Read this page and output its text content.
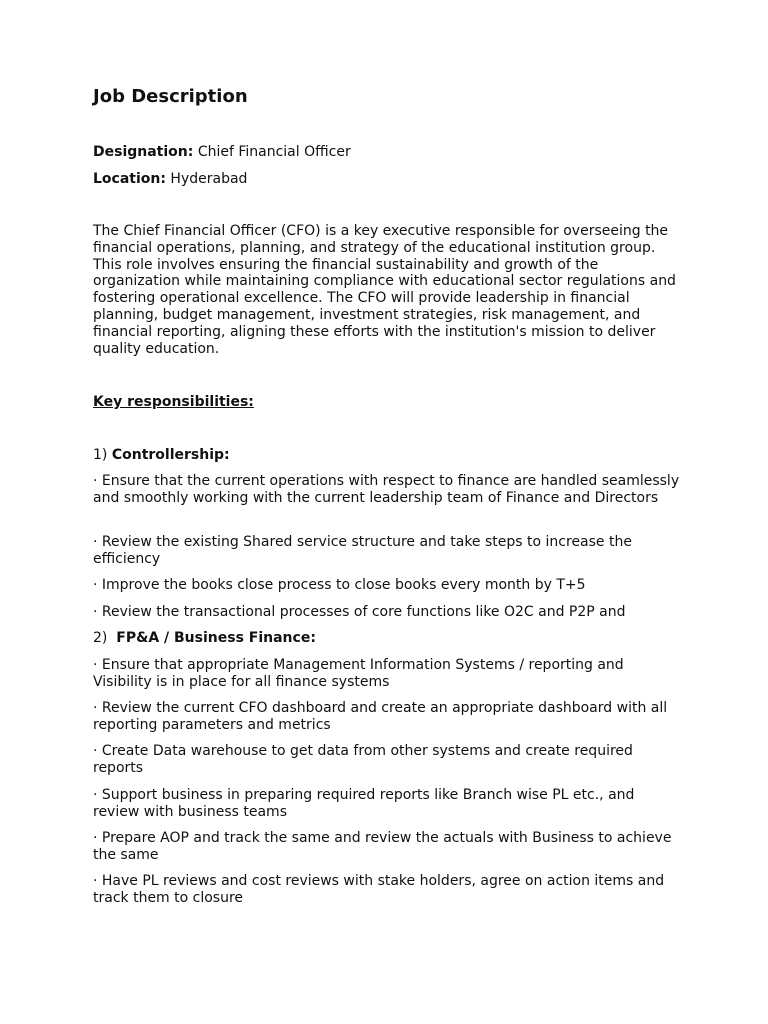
Job Description
Designation: Chief Financial Officer
Location: Hyderabad
The Chief Financial Officer (CFO) is a key executive responsible for overseeing the financial operations, planning, and strategy of the educational institution group. This role involves ensuring the financial sustainability and growth of the organization while maintaining compliance with educational sector regulations and fostering operational excellence. The CFO will provide leadership in financial planning, budget management, investment strategies, risk management, and financial reporting, aligning these efforts with the institution's mission to deliver quality education.
Key responsibilities:
1) Controllership:
· Ensure that the current operations with respect to finance are handled seamlessly and smoothly working with the current leadership team of Finance and Directors
· Review the existing Shared service structure and take steps to increase the efficiency
· Improve the books close process to close books every month by T+5
· Review the transactional processes of core functions like O2C and P2P and
2) FP&A / Business Finance:
· Ensure that appropriate Management Information Systems / reporting and Visibility is in place for all finance systems
· Review the current CFO dashboard and create an appropriate dashboard with all reporting parameters and metrics
· Create Data warehouse to get data from other systems and create required reports
· Support business in preparing required reports like Branch wise PL etc., and review with business teams
· Prepare AOP and track the same and review the actuals with Business to achieve the same
· Have PL reviews and cost reviews with stake holders, agree on action items and track them to closure
